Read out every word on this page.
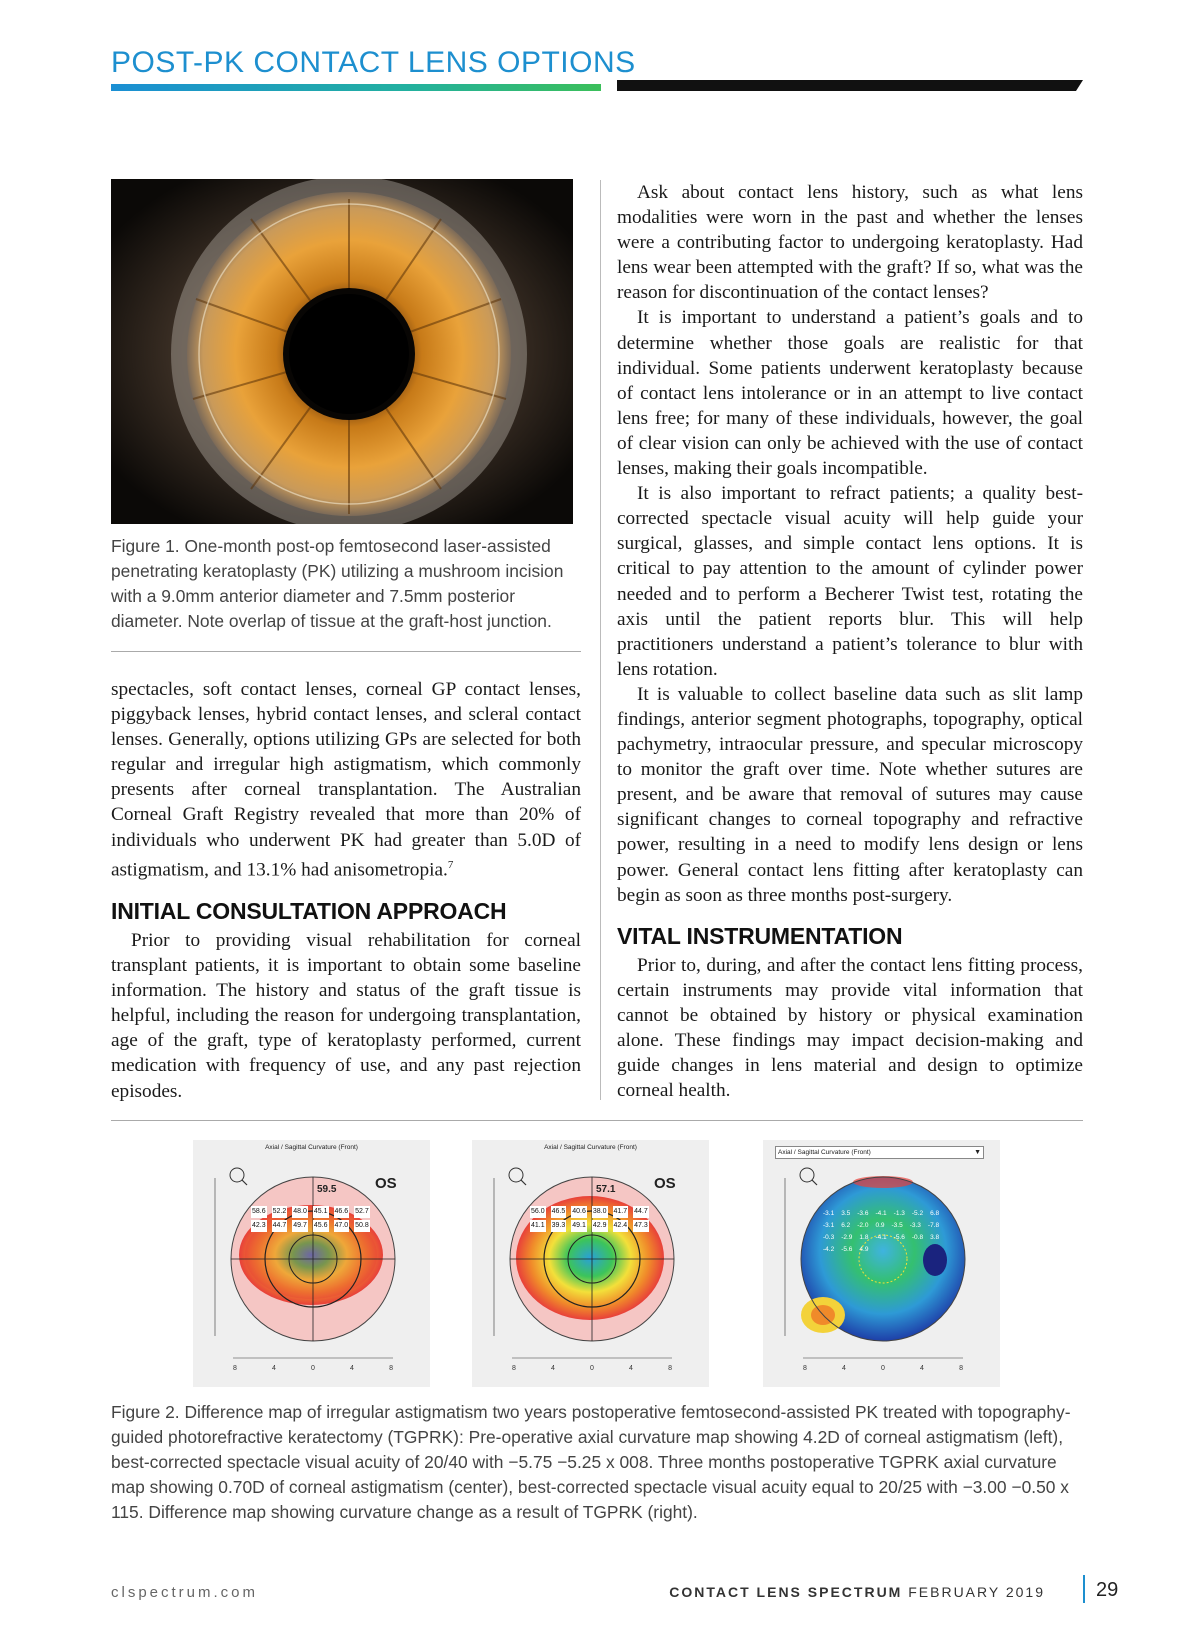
POST-PK CONTACT LENS OPTIONS
Figure 1. One-month post-op femtosecond laser-assisted penetrating keratoplasty (PK) utilizing a mushroom incision with a 9.0mm anterior diameter and 7.5mm posterior diameter. Note overlap of tissue at the graft-host junction.

spectacles, soft contact lenses, corneal GP contact lenses, piggyback lenses, hybrid contact lenses, and scleral contact lenses. Generally, options utilizing GPs are selected for both regular and irregular high astigmatism, which commonly presents after corneal transplantation. The Australian Corneal Graft Registry revealed that more than 20% of individuals who underwent PK had greater than 5.0D of astigmatism, and 13.1% had anisometropia.$^7$

INITIAL CONSULTATION APPROACH

Prior to providing visual rehabilitation for corneal transplant patients, it is important to obtain some baseline information. The history and status of the graft tissue is helpful, including the reason for undergoing transplantation, age of the graft, type of keratoplasty performed, current medication with frequency of use, and any past rejection episodes.

Ask about contact lens history, such as what lens modalities were worn in the past and whether the lenses were a contributing factor to undergoing keratoplasty. Had lens wear been attempted with the graft? If so, what was the reason for discontinuation of the contact lenses?

It is important to understand a patient’s goals and to determine whether those goals are realistic for that individual. Some patients underwent keratoplasty because of contact lens intolerance or in an attempt to live contact lens free; for many of these individuals, however, the goal of clear vision can only be achieved with the use of contact lenses, making their goals incompatible.

It is also important to refract patients; a quality best-corrected spectacle visual acuity will help guide your surgical, glasses, and simple contact lens options. It is critical to pay attention to the amount of cylinder power needed and to perform a Becherer Twist test, rotating the axis until the patient reports blur. This will help practitioners understand a patient’s tolerance to blur with lens rotation.

It is valuable to collect baseline data such as slit lamp findings, anterior segment photographs, topography, optical pachymetry, intraocular pressure, and specular microscopy to monitor the graft over time. Note whether sutures are present, and be aware that removal of sutures may cause significant changes to corneal topography and refractive power, resulting in a need to modify lens design or lens power. General contact lens fitting after keratoplasty can begin as soon as three months post-surgery.

VITAL INSTRUMENTATION

Prior to, during, and after the contact lens fitting process, certain instruments may provide vital information that cannot be obtained by history or physical examination alone. These findings may impact decision-making and guide changes in lens material and design to optimize corneal health.

Axial / Sagittal Curvature (Front)
OS
59.5
58.6 52.2 48.0 45.1 46.6 52.7
42.3 44.7 49.7 45.6 47.0 50.8
8	4	0	4	8
Axial / Sagittal Curvature (Front)
OS
57.1
56.0 46.5 40.6 38.0 41.7 44.7
41.1 39.3 49.1 42.9 42.4 47.3
8	4	0	4	8
Axial / Sagittal Curvature (Front)	▼
-3.1 3.5 -3.6 -4.1 -1.3 -5.2 6.8
-3.1 6.2 -2.0 0.9 -3.5 -3.3 -7.8
-0.3 -2.9 1.8 -4.1 -5.6 -0.8 3.8
-4.2 -5.6 4.9
8	4	0	4	8
Figure 2. Difference map of irregular astigmatism two years postoperative femtosecond-assisted PK treated with topography-guided photorefractive keratectomy (TGPRK): Pre-operative axial curvature map showing 4.2D of corneal astigmatism (left), best-corrected spectacle visual acuity of 20/40 with −5.75 −5.25 x 008. Three months postoperative TGPRK axial curvature map showing 0.70D of corneal astigmatism (center), best-corrected spectacle visual acuity equal to 20/25 with −3.00 −0.50 x 115. Difference map showing curvature change as a result of TGPRK (right).
clspectrum.com	CONTACT LENS SPECTRUM FEBRUARY 2019	29
